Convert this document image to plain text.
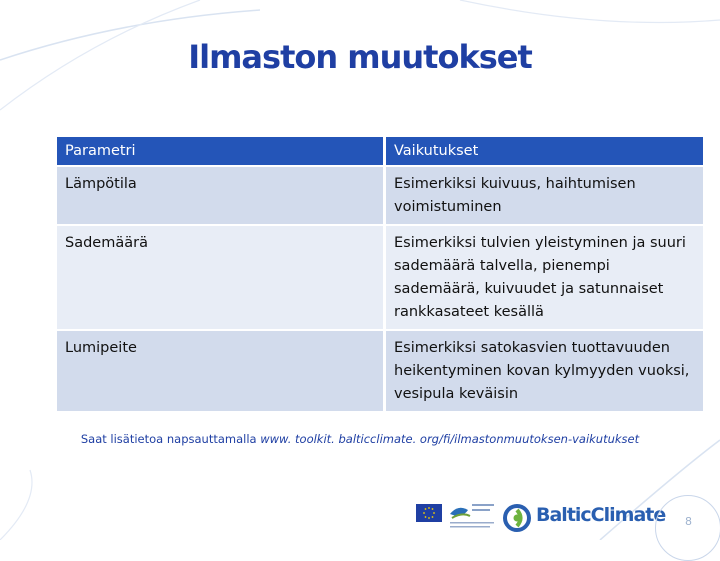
Ilmaston muutokset
Parametri	Vaikutukset
Lämpötila	Esimerkiksi kuivuus, haihtumisen voimistuminen
Sademäärä	Esimerkiksi tulvien yleistyminen ja suuri sademäärä talvella, pienempi sademäärä, kuivuudet ja satunnaiset rankkasateet kesällä
Lumipeite	Esimerkiksi satokasvien tuottavuuden heikentyminen kovan kylmyyden vuoksi, vesipula keväisin
Saat lisätietoa napsauttamalla www. toolkit. balticclimate. org/fi/ilmastonmuutoksen-vaikutukset
BalticClimate 8
